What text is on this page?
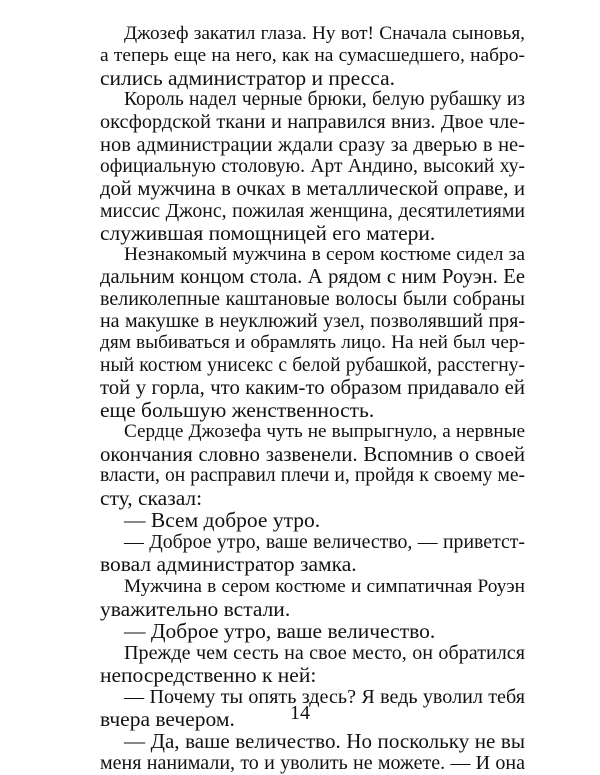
Джозеф закатил глаза. Ну вот! Сначала сыновья,
а теперь еще на него, как на сумасшедшего, набро-
сились администратор и пресса.
Король надел черные брюки, белую рубашку из
оксфордской ткани и направился вниз. Двое чле-
нов администрации ждали сразу за дверью в не-
официальную столовую. Арт Андино, высокий ху-
дой мужчина в очках в металлической оправе, и
миссис Джонс, пожилая женщина, десятилетиями
служившая помощницей его матери.
Незнакомый мужчина в сером костюме сидел за
дальним концом стола. А рядом с ним Роуэн. Ее
великолепные каштановые волосы были собраны
на макушке в неуклюжий узел, позволявший пря-
дям выбиваться и обрамлять лицо. На ней был чер-
ный костюм унисекс с белой рубашкой, расстегну-
той у горла, что каким-то образом придавало ей
еще большую женственность.
Сердце Джозефа чуть не выпрыгнуло, а нервные
окончания словно зазвенели. Вспомнив о своей
власти, он расправил плечи и, пройдя к своему ме-
сту, сказал:
— Всем доброе утро.
— Доброе утро, ваше величество, — приветст-
вовал администратор замка.
Мужчина в сером костюме и симпатичная Роуэн
уважительно встали.
— Доброе утро, ваше величество.
Прежде чем сесть на свое место, он обратился
непосредственно к ней:
— Почему ты опять здесь? Я ведь уволил тебя
вчера вечером.
— Да, ваше величество. Но поскольку не вы
меня нанимали, то и уволить не можете. — И она
14
